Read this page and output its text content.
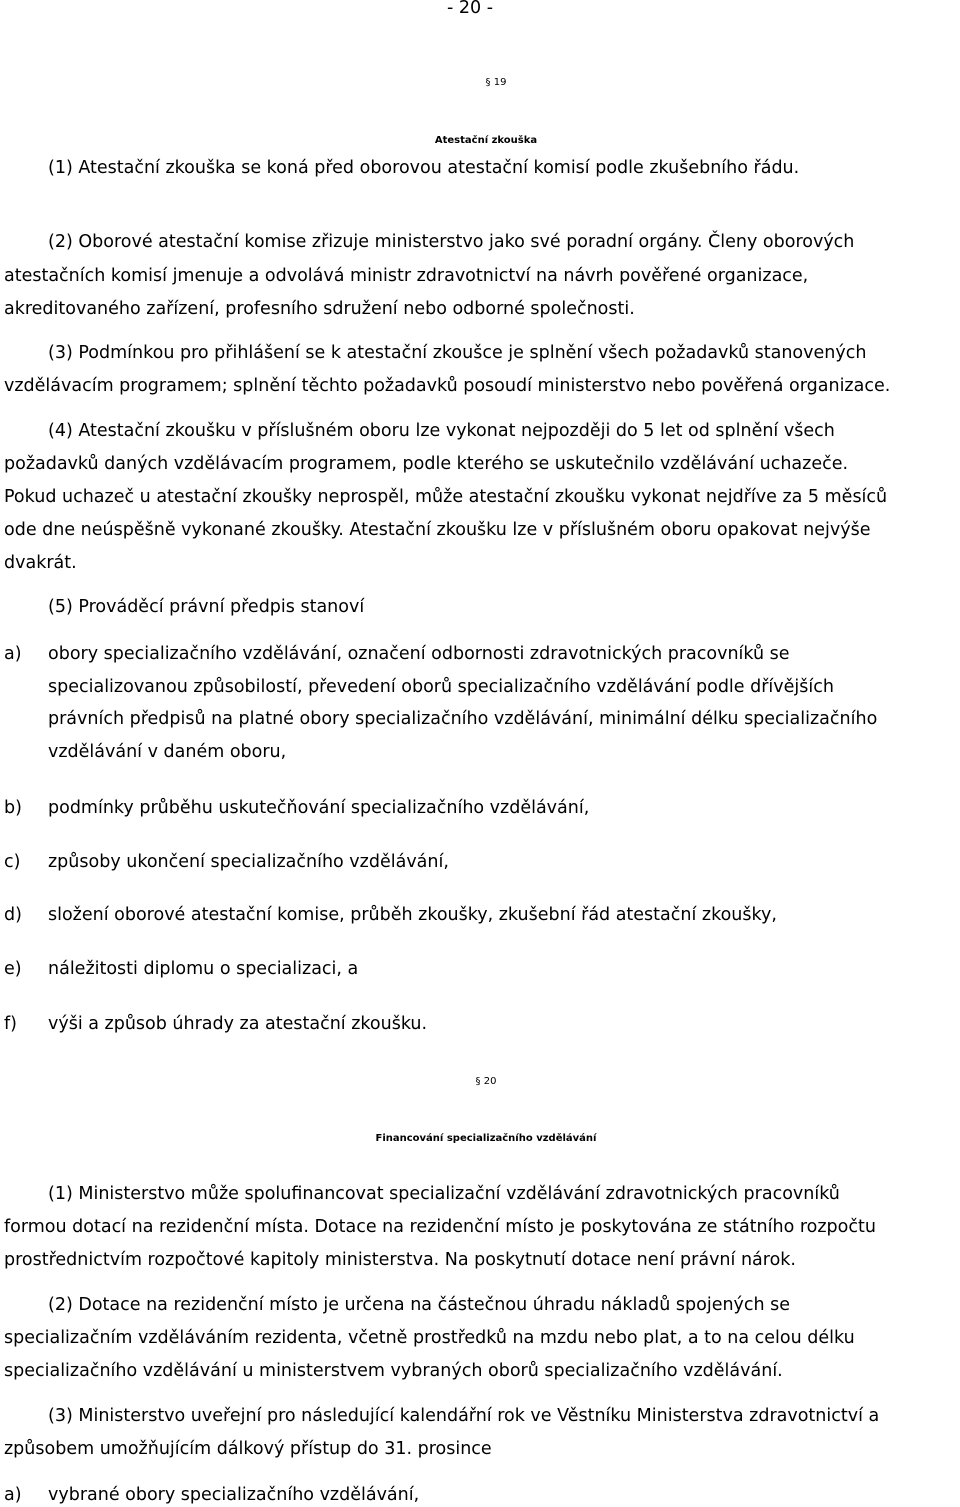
- 20 -
§ 19
Atestační zkouška
(1) Atestační zkouška se koná před oborovou atestační komisí podle zkušebního řádu.
(2) Oborové atestační komise zřizuje ministerstvo jako své poradní orgány. Členy oborových
atestačních komisí jmenuje a odvolává ministr zdravotnictví na návrh pověřené organizace,
akreditovaného zařízení, profesního sdružení nebo odborné společnosti.
(3) Podmínkou pro přihlášení se k atestační zkoušce je splnění všech požadavků stanovených
vzdělávacím programem; splnění těchto požadavků posoudí ministerstvo nebo pověřená organizace.
(4) Atestační zkoušku v příslušném oboru lze vykonat nejpozději do 5 let od splnění všech
požadavků daných vzdělávacím programem, podle kterého se uskutečnilo vzdělávání uchazeče.
Pokud uchazeč u atestační zkoušky neprospěl, může atestační zkoušku vykonat nejdříve za 5 měsíců
ode dne neúspěšně vykonané zkoušky. Atestační zkoušku lze v příslušném oboru opakovat nejvýše
dvakrát.
(5) Prováděcí právní předpis stanoví
a) obory specializačního vzdělávání, označení odbornosti zdravotnických pracovníků se
specializovanou způsobilostí, převedení oborů specializačního vzdělávání podle dřívějších
právních předpisů na platné obory specializačního vzdělávání, minimální délku specializačního
vzdělávání v daném oboru,
b) podmínky průběhu uskutečňování specializačního vzdělávání,
c) způsoby ukončení specializačního vzdělávání,
d) složení oborové atestační komise, průběh zkoušky, zkušební řád atestační zkoušky,
e) náležitosti diplomu o specializaci, a
f) výši a způsob úhrady za atestační zkoušku.
§ 20
Financování specializačního vzdělávání
(1) Ministerstvo může spolufinancovat specializační vzdělávání zdravotnických pracovníků
formou dotací na rezidenční místa. Dotace na rezidenční místo je poskytována ze státního rozpočtu
prostřednictvím rozpočtové kapitoly ministerstva. Na poskytnutí dotace není právní nárok.
(2) Dotace na rezidenční místo je určena na částečnou úhradu nákladů spojených se
specializačním vzděláváním rezidenta, včetně prostředků na mzdu nebo plat, a to na celou délku
specializačního vzdělávání u ministerstvem vybraných oborů specializačního vzdělávání.
(3) Ministerstvo uveřejní pro následující kalendářní rok ve Věstníku Ministerstva zdravotnictví a
způsobem umožňujícím dálkový přístup do 31. prosince
a) vybrané obory specializačního vzdělávání,
